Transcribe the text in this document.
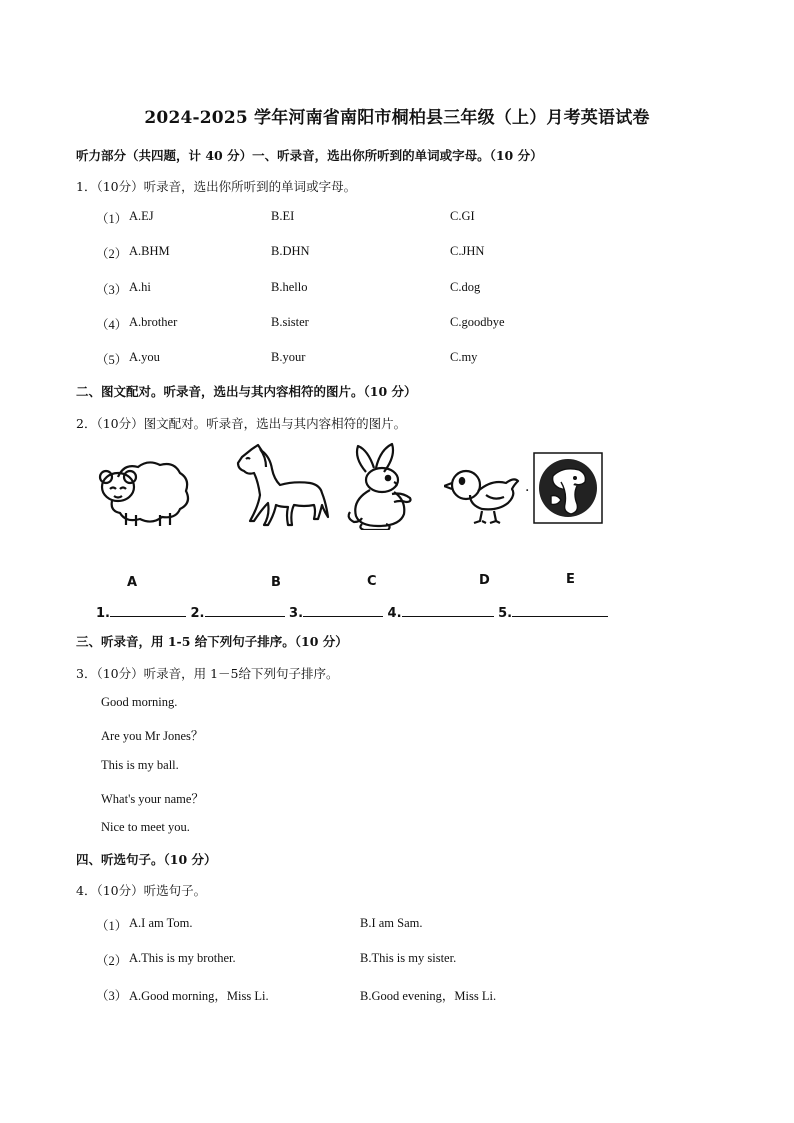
2024-2025 学年河南省南阳市桐柏县三年级（上）月考英语试卷
听力部分（共四题，计 40 分）一、听录音，选出你所听到的单词或字母。（10 分）
1．（10分）听录音，选出你所听到的单词或字母。
（1） A.EJ	B.EI	C.GI
（2） A.BHM	B.DHN	C.JHN
（3） A.hi	B.hello	C.dog
（4） A.brother	B.sister	C.goodbye
（5） A.you	B.your	C.my
二、图文配对。听录音，选出与其内容相符的图片。（10 分）
2．（10分）图文配对。听录音，选出与其内容相符的图片。
·
A	B	C	D	E
1.	2.	3.	4.	5.
三、听录音，用 1-5 给下列句子排序。（10 分）
3．（10分）听录音，用 1－5给下列句子排序。
Good morning.
Are you Mr Jones？
This is my ball.
What's your name？
Nice to meet you.
四、听选句子。（10 分）
4．（10分）听选句子。
（1） A.I am Tom.	B.I am Sam.
（2） A.This is my brother.	B.This is my sister.
（3） A.Good morning，Miss Li.	B.Good evening，Miss Li.
